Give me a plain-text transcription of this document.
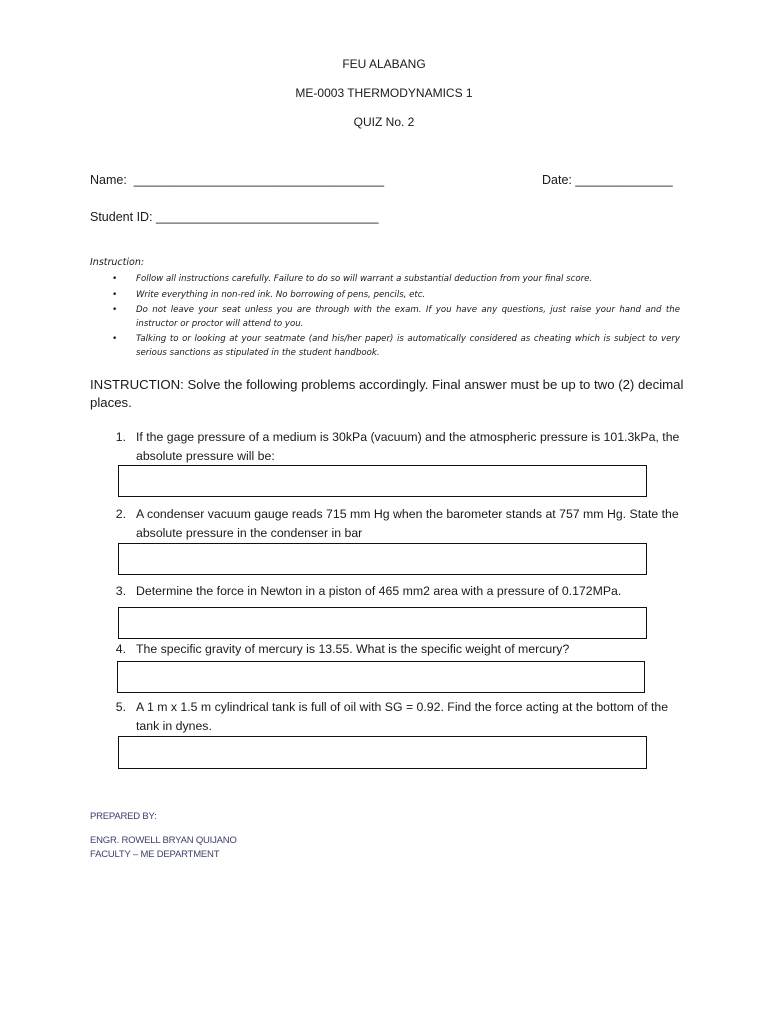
FEU ALABANG
ME-0003 THERMODYNAMICS 1
QUIZ No. 2
Name:  ____________________________________	Date: ______________
Student ID: ________________________________
Instruction:
• Follow all instructions carefully. Failure to do so will warrant a substantial deduction from your final score.
• Write everything in non-red ink. No borrowing of pens, pencils, etc.
• Do not leave your seat unless you are through with the exam. If you have any questions, just raise your hand and the instructor or proctor will attend to you.
• Talking to or looking at your seatmate (and his/her paper) is automatically considered as cheating which is subject to very serious sanctions as stipulated in the student handbook.
INSTRUCTION: Solve the following problems accordingly. Final answer must be up to two (2) decimal places.
1. If the gage pressure of a medium is 30kPa (vacuum) and the atmospheric pressure is 101.3kPa, the absolute pressure will be:
2. A condenser vacuum gauge reads 715 mm Hg when the barometer stands at 757 mm Hg. State the absolute pressure in the condenser in bar
3. Determine the force in Newton in a piston of 465 mm2 area with a pressure of 0.172MPa.
4. The specific gravity of mercury is 13.55. What is the specific weight of mercury?
5. A 1 m x 1.5 m cylindrical tank is full of oil with SG = 0.92. Find the force acting at the bottom of the tank in dynes.
PREPARED BY:
ENGR. ROWELL BRYAN QUIJANO
FACULTY – ME DEPARTMENT
